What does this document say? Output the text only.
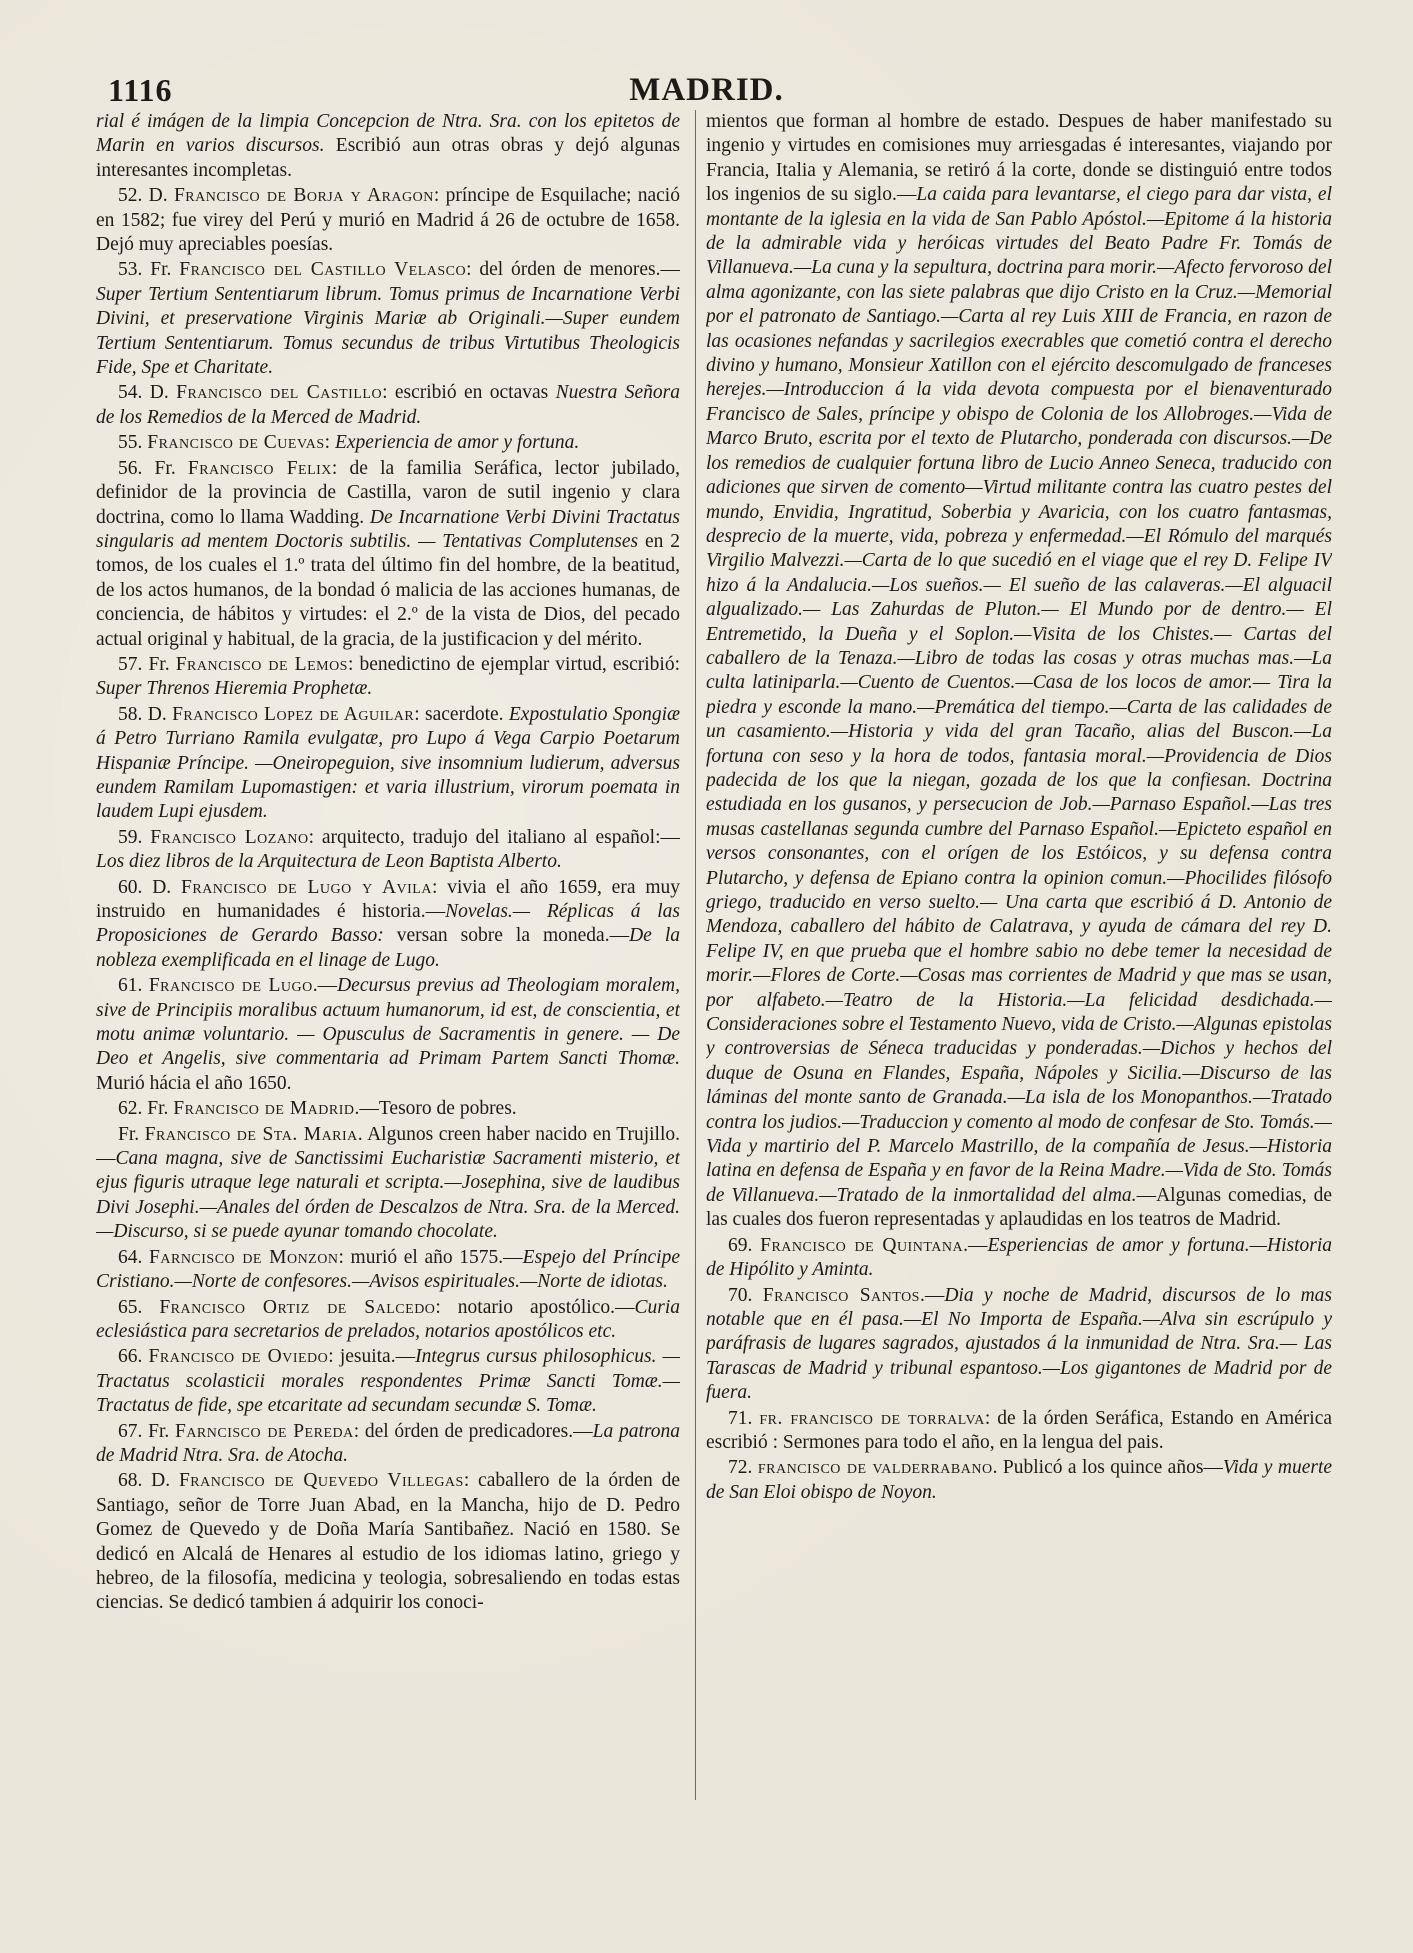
1116	MADRID.

rial é imágen de la limpia Concepcion de Ntra. Sra. con los epitetos de Marin en varios discursos. Escribió aun otras obras y dejó algunas interesantes incompletas.

52. D. Francisco de Borja y Aragon: príncipe de Esquilache; nació en 1582; fue virey del Perú y murió en Madrid á 26 de octubre de 1658. Dejó muy apreciables poesías.

53. Fr. Francisco del Castillo Velasco: del órden de menores.—Super Tertium Sententiarum librum. Tomus primus de Incarnatione Verbi Divini, et preservatione Virginis Mariæ ab Originali.—Super eundem Tertium Sententiarum. Tomus secundus de tribus Virtutibus Theologicis Fide, Spe et Charitate.

54. D. Francisco del Castillo: escribió en octavas Nuestra Señora de los Remedios de la Merced de Madrid.

55. Francisco de Cuevas: Experiencia de amor y fortuna.

56. Fr. Francisco Felix: de la familia Seráfica, lector jubilado, definidor de la provincia de Castilla, varon de sutil ingenio y clara doctrina, como lo llama Wadding. De Incarnatione Verbi Divini Tractatus singularis ad mentem Doctoris subtilis. — Tentativas Complutenses en 2 tomos, de los cuales el 1.º trata del último fin del hombre, de la beatitud, de los actos humanos, de la bondad ó malicia de las acciones humanas, de conciencia, de hábitos y virtudes: el 2.º de la vista de Dios, del pecado actual original y habitual, de la gracia, de la justificacion y del mérito.

57. Fr. Francisco de Lemos: benedictino de ejemplar virtud, escribió: Super Threnos Hieremia Prophetæ.

58. D. Francisco Lopez de Aguilar: sacerdote. Expostulatio Spongiæ á Petro Turriano Ramila evulgatæ, pro Lupo á Vega Carpio Poetarum Hispaniæ Príncipe. —Oneiropeguion, sive insomnium ludierum, adversus eundem Ramilam Lupomastigen: et varia illustrium, virorum poemata in laudem Lupi ejusdem.

59. Francisco Lozano: arquitecto, tradujo del italiano al español:—Los diez libros de la Arquitectura de Leon Baptista Alberto.

60. D. Francisco de Lugo y Avila: vivia el año 1659, era muy instruido en humanidades é historia.—Novelas.— Réplicas á las Proposiciones de Gerardo Basso: versan sobre la moneda.—De la nobleza exemplificada en el linage de Lugo.

61. Francisco de Lugo.—Decursus previus ad Theologiam moralem, sive de Principiis moralibus actuum humanorum, id est, de conscientia, et motu animæ voluntario. — Opusculus de Sacramentis in genere. — De Deo et Angelis, sive commentaria ad Primam Partem Sancti Thomæ. Murió hácia el año 1650.

62. Fr. Francisco de Madrid.—Tesoro de pobres.

Fr. Francisco de Sta. Maria. Algunos creen haber nacido en Trujillo.—Cana magna, sive de Sanctissimi Eucharistiæ Sacramenti misterio, et ejus figuris utraque lege naturali et scripta.—Josephina, sive de laudibus Divi Josephi.—Anales del órden de Descalzos de Ntra. Sra. de la Merced.—Discurso, si se puede ayunar tomando chocolate.

64. Farncisco de Monzon: murió el año 1575.—Espejo del Príncipe Cristiano.—Norte de confesores.—Avisos espirituales.—Norte de idiotas.

65. Francisco Ortiz de Salcedo: notario apostólico.—Curia eclesiástica para secretarios de prelados, notarios apostólicos etc.

66. Francisco de Oviedo: jesuita.—Integrus cursus philosophicus. — Tractatus scolasticii morales respondentes Primæ Sancti Tomæ.— Tractatus de fide, spe etcaritate ad secundam secundæ S. Tomæ.

67. Fr. Farncisco de Pereda: del órden de predicadores.—La patrona de Madrid Ntra. Sra. de Atocha.

68. D. Francisco de Quevedo Villegas: caballero de la órden de Santiago, señor de Torre Juan Abad, en la Mancha, hijo de D. Pedro Gomez de Quevedo y de Doña María Santibañez. Nació en 1580. Se dedicó en Alcalá de Henares al estudio de los idiomas latino, griego y hebreo, de la filosofía, medicina y teologia, sobresaliendo en todas estas ciencias. Se dedicó tambien á adquirir los conoci-

mientos que forman al hombre de estado. Despues de haber manifestado su ingenio y virtudes en comisiones muy arriesgadas é interesantes, viajando por Francia, Italia y Alemania, se retiró á la corte, donde se distinguió entre todos los ingenios de su siglo.—La caida para levantarse, el ciego para dar vista, el montante de la iglesia en la vida de San Pablo Apóstol.—Epitome á la historia de la admirable vida y heróicas virtudes del Beato Padre Fr. Tomás de Villanueva.—La cuna y la sepultura, doctrina para morir.—Afecto fervoroso del alma agonizante, con las siete palabras que dijo Cristo en la Cruz.—Memorial por el patronato de Santiago.—Carta al rey Luis XIII de Francia, en razon de las ocasiones nefandas y sacrilegios execrables que cometió contra el derecho divino y humano, Monsieur Xatillon con el ejército descomulgado de franceses herejes.—Introduccion á la vida devota compuesta por el bienaventurado Francisco de Sales, príncipe y obispo de Colonia de los Allobroges.—Vida de Marco Bruto, escrita por el texto de Plutarcho, ponderada con discursos.—De los remedios de cualquier fortuna libro de Lucio Anneo Seneca, traducido con adiciones que sirven de comento—Virtud militante contra las cuatro pestes del mundo, Envidia, Ingratitud, Soberbia y Avaricia, con los cuatro fantasmas, desprecio de la muerte, vida, pobreza y enfermedad.—El Rómulo del marqués Virgilio Malvezzi.—Carta de lo que sucedió en el viage que el rey D. Felipe IV hizo á la Andalucia.—Los sueños.— El sueño de las calaveras.—El alguacil algualizado.— Las Zahurdas de Pluton.— El Mundo por de dentro.— El Entremetido, la Dueña y el Soplon.—Visita de los Chistes.— Cartas del caballero de la Tenaza.—Libro de todas las cosas y otras muchas mas.—La culta latiniparla.—Cuento de Cuentos.—Casa de los locos de amor.— Tira la piedra y esconde la mano.—Premática del tiempo.—Carta de las calidades de un casamiento.—Historia y vida del gran Tacaño, alias del Buscon.—La fortuna con seso y la hora de todos, fantasia moral.—Providencia de Dios padecida de los que la niegan, gozada de los que la confiesan. Doctrina estudiada en los gusanos, y persecucion de Job.—Parnaso Español.—Las tres musas castellanas segunda cumbre del Parnaso Español.—Epicteto español en versos consonantes, con el orígen de los Estóicos, y su defensa contra Plutarcho, y defensa de Epiano contra la opinion comun.—Phocilides filósofo griego, traducido en verso suelto.— Una carta que escribió á D. Antonio de Mendoza, caballero del hábito de Calatrava, y ayuda de cámara del rey D. Felipe IV, en que prueba que el hombre sabio no debe temer la necesidad de morir.—Flores de Corte.—Cosas mas corrientes de Madrid y que mas se usan, por alfabeto.—Teatro de la Historia.—La felicidad desdichada.—Consideraciones sobre el Testamento Nuevo, vida de Cristo.—Algunas epistolas y controversias de Séneca traducidas y ponderadas.—Dichos y hechos del duque de Osuna en Flandes, España, Nápoles y Sicilia.—Discurso de las láminas del monte santo de Granada.—La isla de los Monopanthos.—Tratado contra los judios.—Traduccion y comento al modo de confesar de Sto. Tomás.—Vida y martirio del P. Marcelo Mastrillo, de la compañía de Jesus.—Historia latina en defensa de España y en favor de la Reina Madre.—Vida de Sto. Tomás de Villanueva.—Tratado de la inmortalidad del alma.—Algunas comedias, de las cuales dos fueron representadas y aplaudidas en los teatros de Madrid.

69. Francisco de Quintana.—Esperiencias de amor y fortuna.—Historia de Hipólito y Aminta.

70. Francisco Santos.—Dia y noche de Madrid, discursos de lo mas notable que en él pasa.—El No Importa de España.—Alva sin escrúpulo y paráfrasis de lugares sagrados, ajustados á la inmunidad de Ntra. Sra.— Las Tarascas de Madrid y tribunal espantoso.—Los gigantones de Madrid por de fuera.

71. fr. francisco de torralva: de la órden Seráfica, Estando en América escribió : Sermones para todo el año, en la lengua del pais.

72. francisco de valderrabano. Publicó a los quince años—Vida y muerte de San Eloi obispo de Noyon.
